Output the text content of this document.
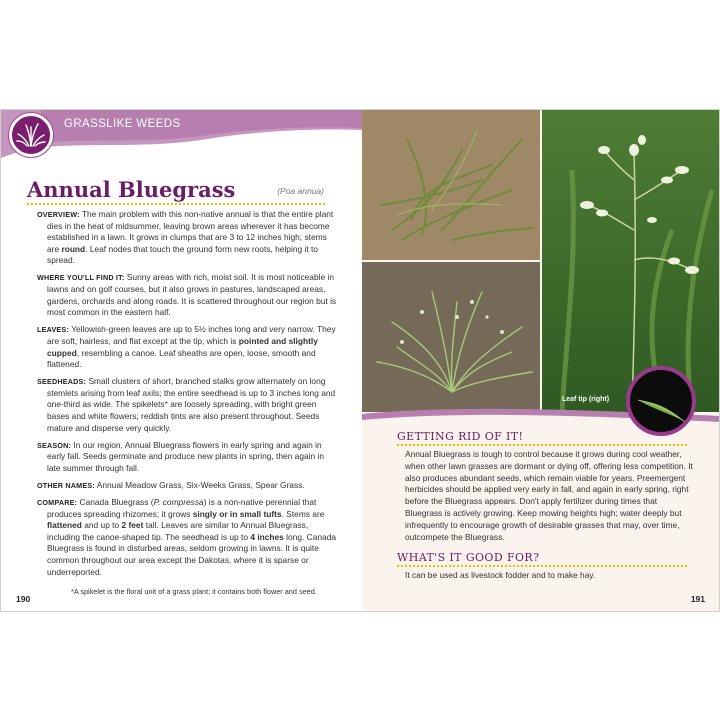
GRASSLIKE WEEDS
Annual Bluegrass	(Poa annua)

OVERVIEW: The main problem with this non-native annual is that the entire plant dies in the heat of midsummer, leaving brown areas wherever it has become established in a lawn. It grows in clumps that are 3 to 12 inches high; stems are round. Leaf nodes that touch the ground form new roots, helping it to spread.

WHERE YOU'LL FIND IT: Sunny areas with rich, moist soil. It is most noticeable in lawns and on golf courses, but it also grows in pastures, landscaped areas, gardens, orchards and along roads. It is scattered throughout our region but is most common in the eastern half.

LEAVES: Yellowish-green leaves are up to 5½ inches long and very narrow. They are soft, hairless, and flat except at the tip, which is pointed and slightly cupped, resembling a canoe. Leaf sheaths are open, loose, smooth and flattened.

SEEDHEADS: Small clusters of short, branched stalks grow alternately on long stemlets arising from leaf axils; the entire seedhead is up to 3 inches long and one-third as wide. The spikelets* are loosely spreading, with bright green bases and white flowers; reddish tints are also present throughout. Seeds mature and disperse very quickly.

SEASON: In our region, Annual Bluegrass flowers in early spring and again in early fall. Seeds germinate and produce new plants in spring, then again in late summer through fall.

OTHER NAMES: Annual Meadow Grass, Six-Weeks Grass, Spear Grass.

COMPARE: Canada Bluegrass (P. compressa) is a non-native perennial that produces spreading rhizomes; it grows singly or in small tufts. Stems are flattened and up to 2 feet tall. Leaves are similar to Annual Bluegrass, including the canoe-shaped tip. The seedhead is up to 4 inches long. Canada Bluegrass is found in disturbed areas, seldom growing in lawns. It is quite common throughout our area except the Dakotas, where it is sparse or underreported.

190
*A spikelet is the floral unit of a grass plant; it contains both flower and seed.
Leaf tip (right)
GETTING RID OF IT!
Annual Bluegrass is tough to control because it grows during cool weather, when other lawn grasses are dormant or dying off, offering less competition. It also produces abundant seeds, which remain viable for years. Preemergent herbicides should be applied very early in fall, and again in early spring, right before the Bluegrass appears. Don't apply fertilizer during times that Bluegrass is actively growing. Keep mowing heights high; water deeply but infrequently to encourage growth of desirable grasses that may, over time, outcompete the Bluegrass.
WHAT'S IT GOOD FOR?
It can be used as livestock fodder and to make hay.
191
